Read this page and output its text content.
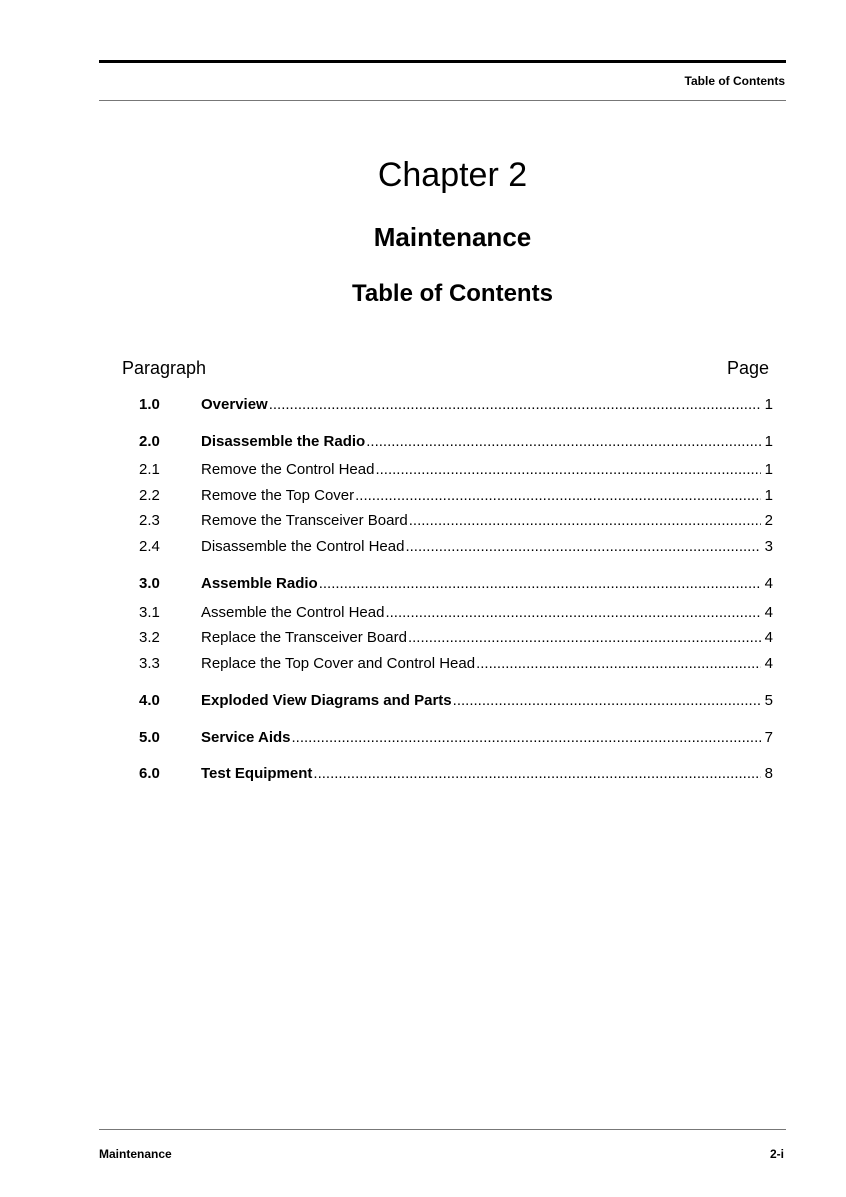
Table of Contents
Chapter 2
Maintenance
Table of Contents
Paragraph	Page
1.0	Overview .....	1
2.0	Disassemble the Radio .....	1
2.1	Remove the Control Head .....	1
2.2	Remove the Top Cover .....	1
2.3	Remove the Transceiver Board .....	2
2.4	Disassemble the Control Head .....	3
3.0	Assemble Radio .....	4
3.1	Assemble the Control Head .....	4
3.2	Replace the Transceiver Board .....	4
3.3	Replace the Top Cover and Control Head .....	4
4.0	Exploded View Diagrams and Parts .....	5
5.0	Service Aids .....	7
6.0	Test Equipment .....	8
Maintenance	2-i
